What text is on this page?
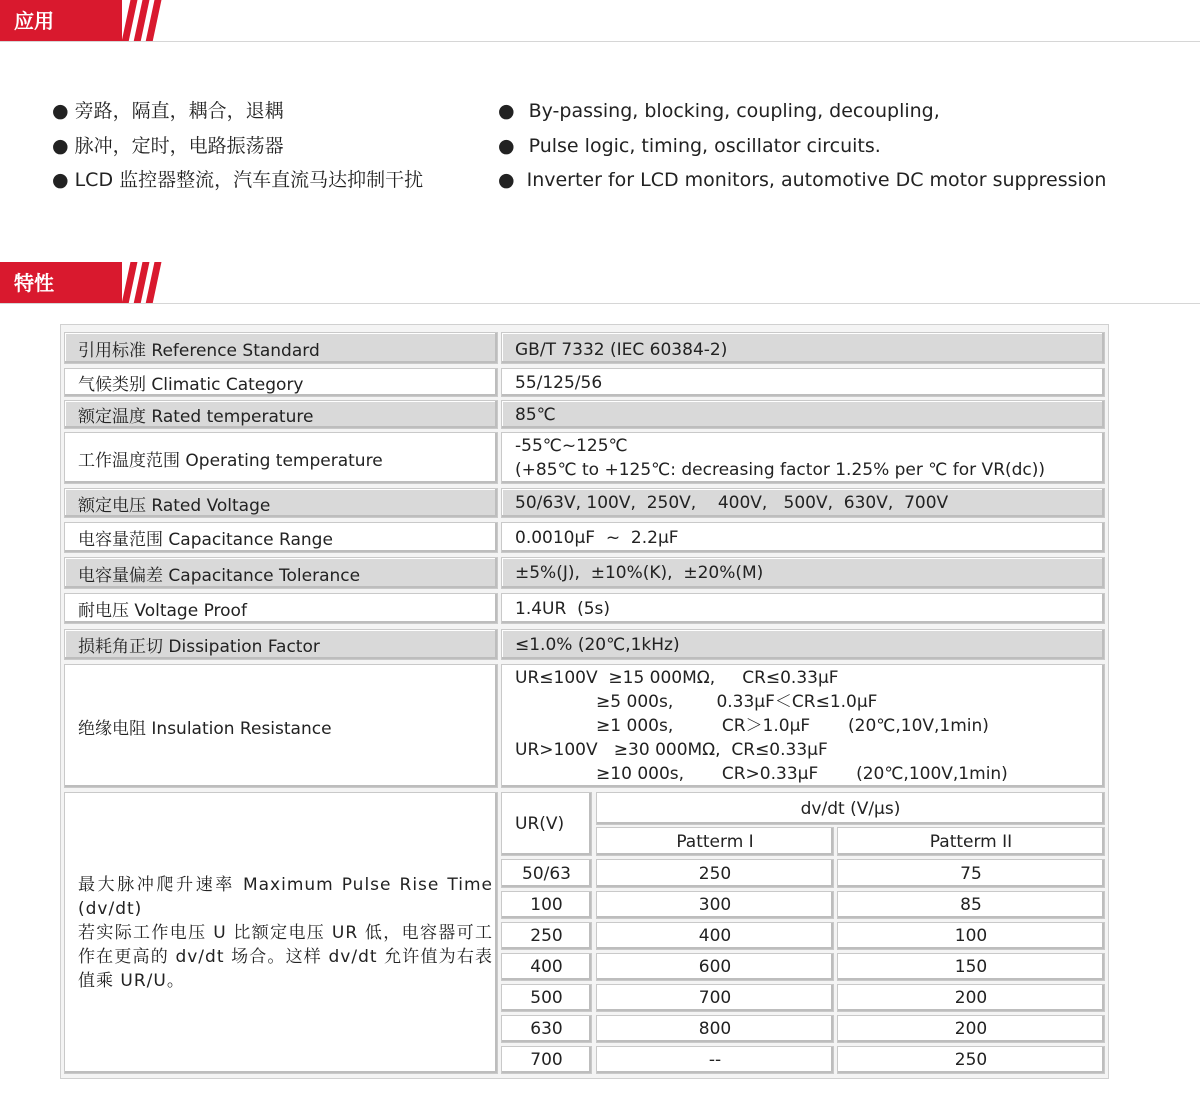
应用
● 旁路，隔直，耦合，退耦
● 脉冲，定时，电路振荡器
● LCD 监控器整流，汽车直流马达抑制干扰
● By-passing, blocking, coupling, decoupling,
● Pulse logic, timing, oscillator circuits.
● Inverter for LCD monitors, automotive DC motor suppression
特性
引用标准 Reference Standard	GB/T 7332 (IEC 60384-2)
气候类别 Climatic Category	55/125/56
额定温度 Rated temperature	85℃
工作温度范围 Operating temperature
-55℃~125℃
(+85℃ to +125℃: decreasing factor 1.25% per ℃ for VR(dc))
额定电压 Rated Voltage	50/63V, 100V,  250V,    400V,   500V,  630V,  700V
电容量范围 Capacitance Range	0.0010μF  ~  2.2μF
电容量偏差 Capacitance Tolerance	±5%(J),  ±10%(K),  ±20%(M)
耐电压 Voltage Proof	1.4UR  (5s)
损耗角正切 Dissipation Factor	≤1.0% (20℃,1kHz)
绝缘电阻 Insulation Resistance
UR≤100V  ≥15 000MΩ,     CR≤0.33μF
≥5 000s,        0.33μF＜CR≤1.0μF
≥1 000s,         CR＞1.0μF       (20℃,10V,1min)
UR>100V   ≥30 000MΩ,  CR≤0.33μF
≥10 000s,       CR>0.33μF       (20℃,100V,1min)
最大脉冲爬升速率 Maximum Pulse Rise Time (dv/dt)
若实际工作电压 U 比额定电压 UR 低，电容器可工作在更高的 dv/dt 场合。这样 dv/dt 允许值为右表值乘 UR/U。
UR(V)
dv/dt (V/μs)
Patterm I	Patterm II
50/63	250	75
100	300	85
250	400	100
400	600	150
500	700	200
630	800	200
700	--	250
